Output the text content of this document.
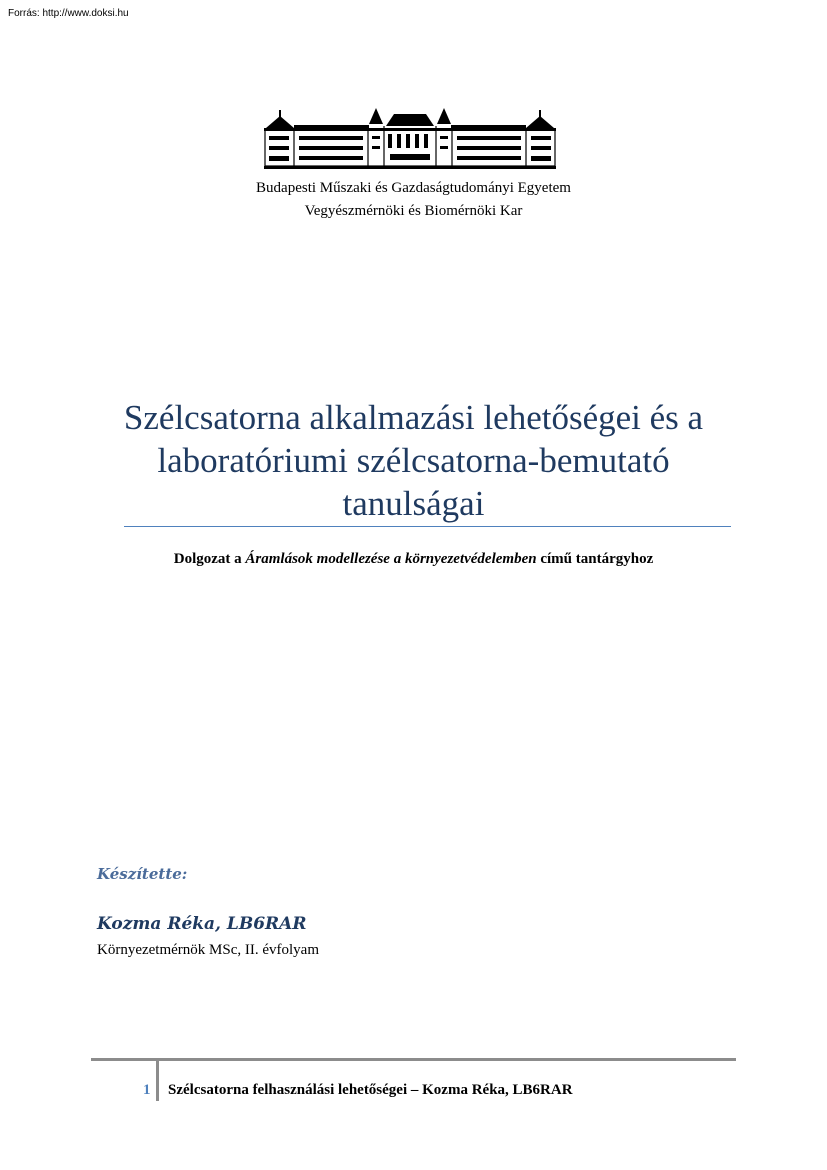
Forrás: http://www.doksi.hu
Budapesti Műszaki és Gazdaságtudományi Egyetem
Vegyészmérnöki és Biomérnöki Kar
Szélcsatorna alkalmazási lehetőségei és a
laboratóriumi szélcsatorna-bemutató
tanulságai
Dolgozat a Áramlások modellezése a környezetvédelemben című tantárgyhoz
Készítette:
Kozma Réka, LB6RAR
Környezetmérnök MSc, II. évfolyam
1 Szélcsatorna felhasználási lehetőségei – Kozma Réka, LB6RAR
